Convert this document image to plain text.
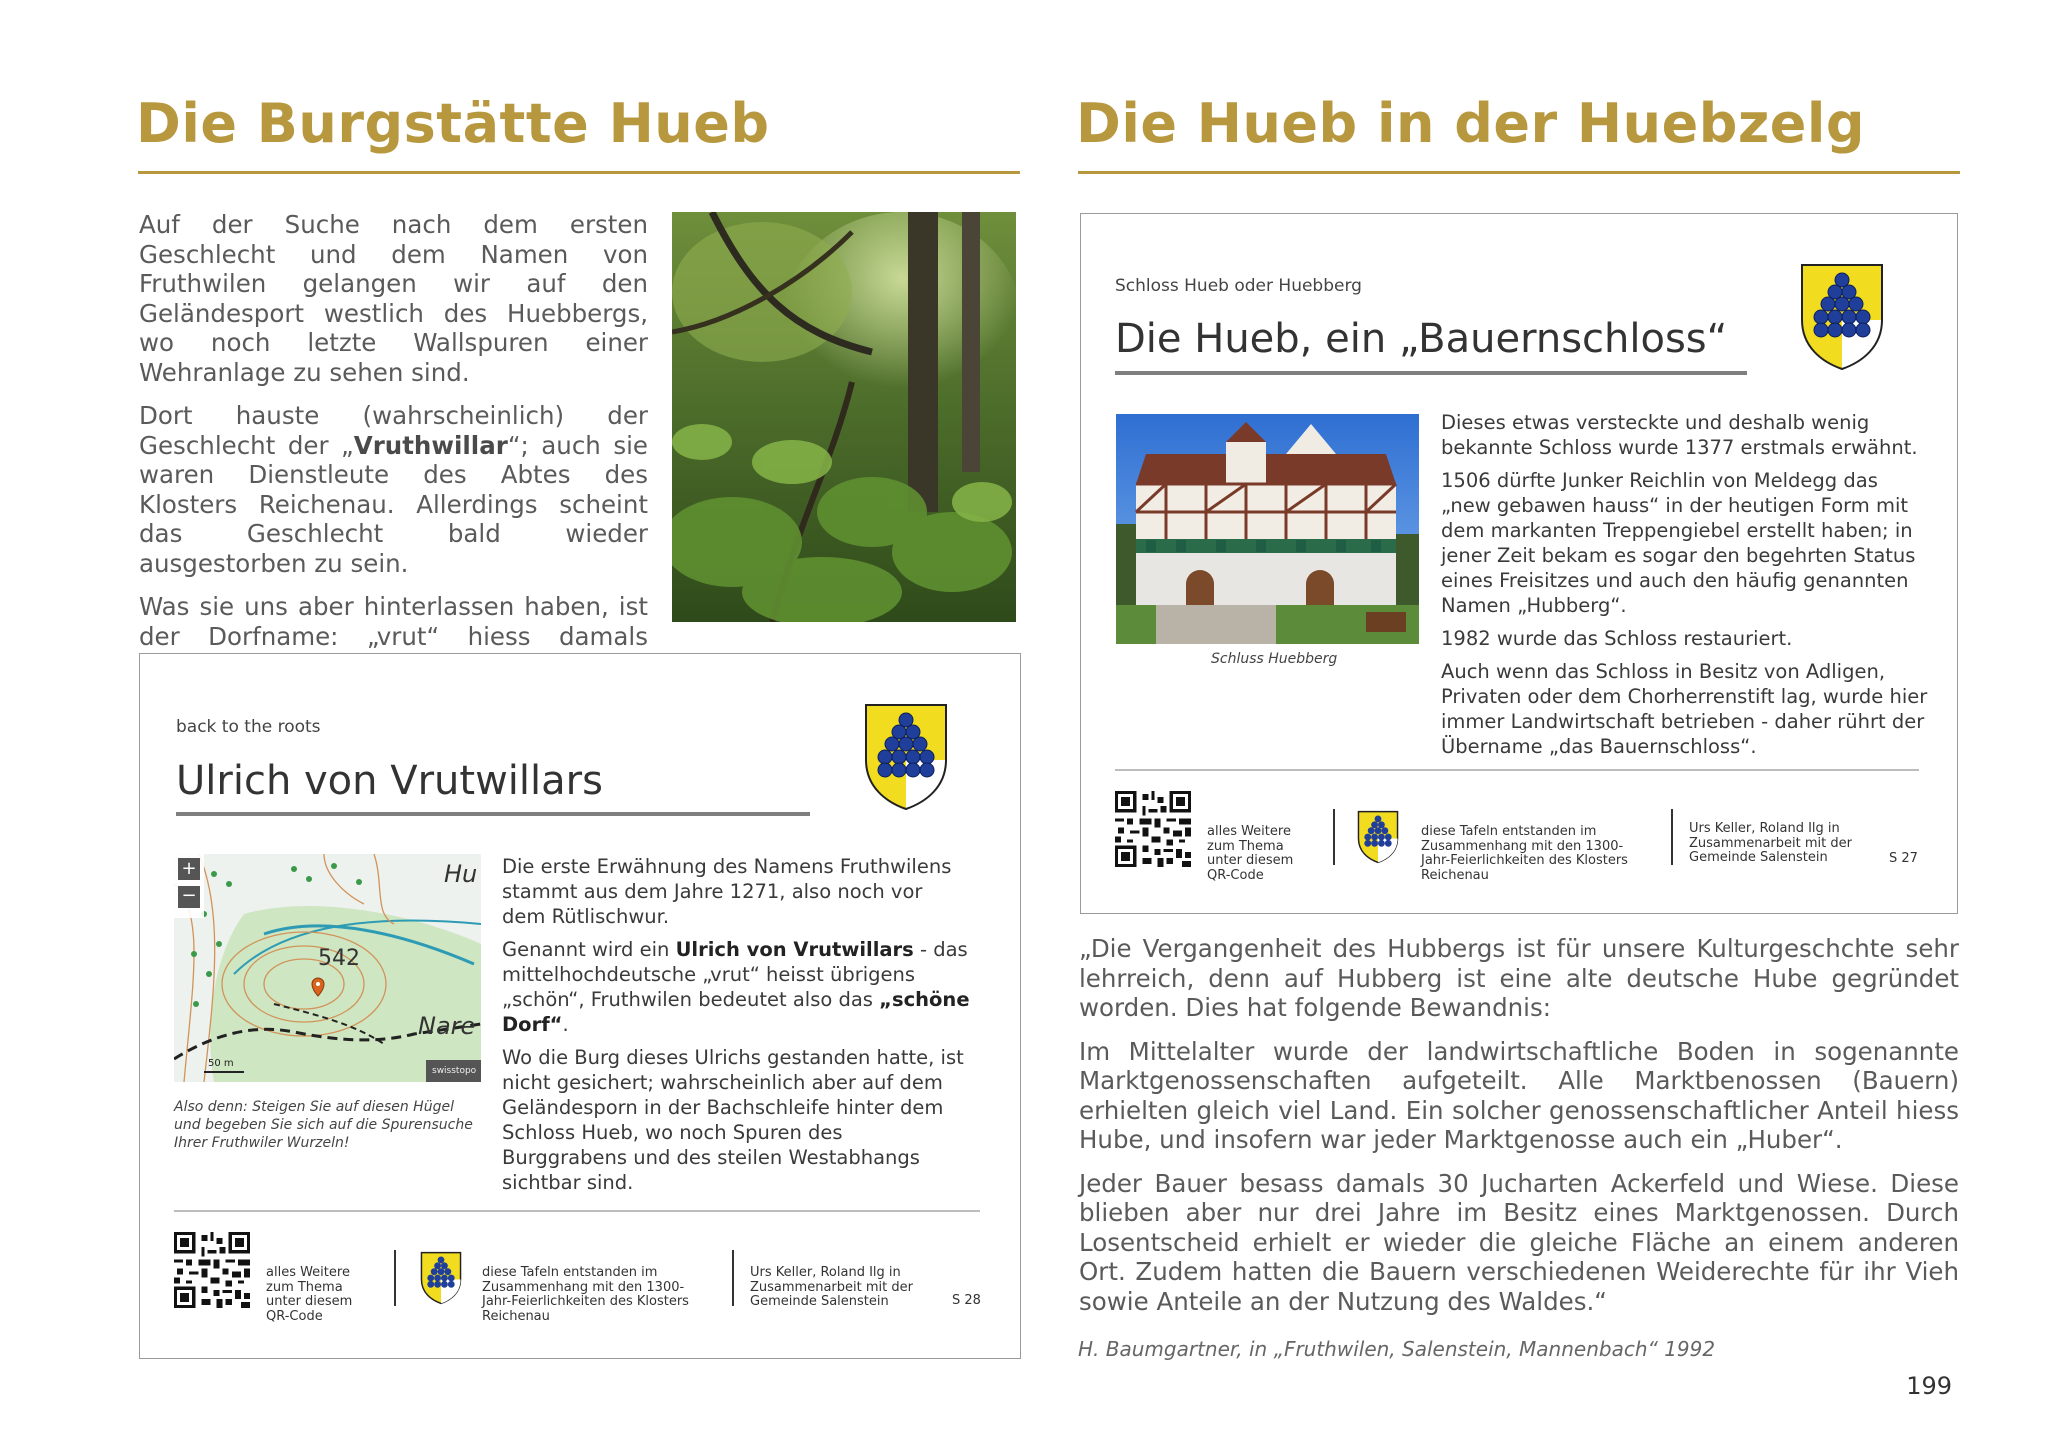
Die Burgstätte Hueb

Auf der Suche nach dem ersten Geschlecht und dem Namen von Fruthwilen gelangen wir auf den Geländesport westlich des Huebbergs, wo noch letzte Wallspuren einer Wehranlage zu sehen sind.

Dort hauste (wahrscheinlich) der Geschlecht der „Vruthwillar“; auch sie waren Dienstleute des Abtes des Klosters Reichenau. Allerdings scheint das Geschlecht bald wieder ausgestorben zu sein.

Was sie uns aber hinterlassen haben, ist der Dorfname: „vrut“ hiess damals

back to the roots
Ulrich von Vrutwillars
+
−
Hu
542
Nare
50 m
swisstopo
Also denn: Steigen Sie auf diesen Hügel und begeben Sie sich auf die Spurensuche Ihrer Fruthwiler Wurzeln!

Die erste Erwähnung des Namens Fruthwilens stammt aus dem Jahre 1271, also noch vor dem Rütlischwur.

Genannt wird ein Ulrich von Vrutwillars - das mittelhochdeutsche „vrut“ heisst übrigens „schön“, Fruthwilen bedeutet also das „schöne Dorf“.

Wo die Burg dieses Ulrichs gestanden hatte, ist nicht gesichert; wahrscheinlich aber auf dem Geländesporn in der Bachschleife hinter dem Schloss Hueb, wo noch Spuren des Burggrabens und des steilen Westabhangs sichtbar sind.

alles Weitere zum Thema unter diesem QR-Code
diese Tafeln entstanden im Zusammenhang mit den 1300-Jahr-Feierlichkeiten des Klosters Reichenau
Urs Keller, Roland Ilg in Zusammenarbeit mit der Gemeinde Salenstein	S 28
Die Hueb in der Huebzelg
Schloss Hueb oder Huebberg
Die Hueb, ein „Bauernschloss“
Schluss Huebberg

Dieses etwas versteckte und deshalb wenig bekannte Schloss wurde 1377 erstmals erwähnt.

1506 dürfte Junker Reichlin von Meldegg das „new gebawen hauss“ in der heutigen Form mit dem markanten Treppengiebel erstellt haben; in jener Zeit bekam es sogar den begehrten Status eines Freisitzes und auch den häufig genannten Namen „Hubberg“.

1982 wurde das Schloss restauriert.

Auch wenn das Schloss in Besitz von Adligen, Privaten oder dem Chorherrenstift lag, wurde hier immer Landwirtschaft betrieben - daher rührt der Übername „das Bauernschloss“.

alles Weitere zum Thema unter diesem QR-Code
diese Tafeln entstanden im Zusammenhang mit den 1300-Jahr-Feierlichkeiten des Klosters Reichenau
Urs Keller, Roland Ilg in Zusammenarbeit mit der Gemeinde Salenstein	S 27

„Die Vergangenheit des Hubbergs ist für unsere Kulturgeschchte sehr lehrreich, denn auf Hubberg ist eine alte deutsche Hube gegründet worden. Dies hat folgende Bewandnis:

Im Mittelalter wurde der landwirtschaftliche Boden in sogenannte Marktgenossenschaften aufgeteilt. Alle Marktbenossen (Bauern) erhielten gleich viel Land. Ein solcher genossenschaftlicher Anteil hiess Hube, und insofern war jeder Marktgenosse auch ein „Huber“.

Jeder Bauer besass damals 30 Jucharten Ackerfeld und Wiese. Diese blieben aber nur drei Jahre im Besitz eines Marktgenossen. Durch Losentscheid erhielt er wieder die gleiche Fläche an einem anderen Ort. Zudem hatten die Bauern verschiedenen Weiderechte für ihr Vieh sowie Anteile an der Nutzung des Waldes.“

H. Baumgartner, in „Fruthwilen, Salenstein, Mannenbach“ 1992
199
